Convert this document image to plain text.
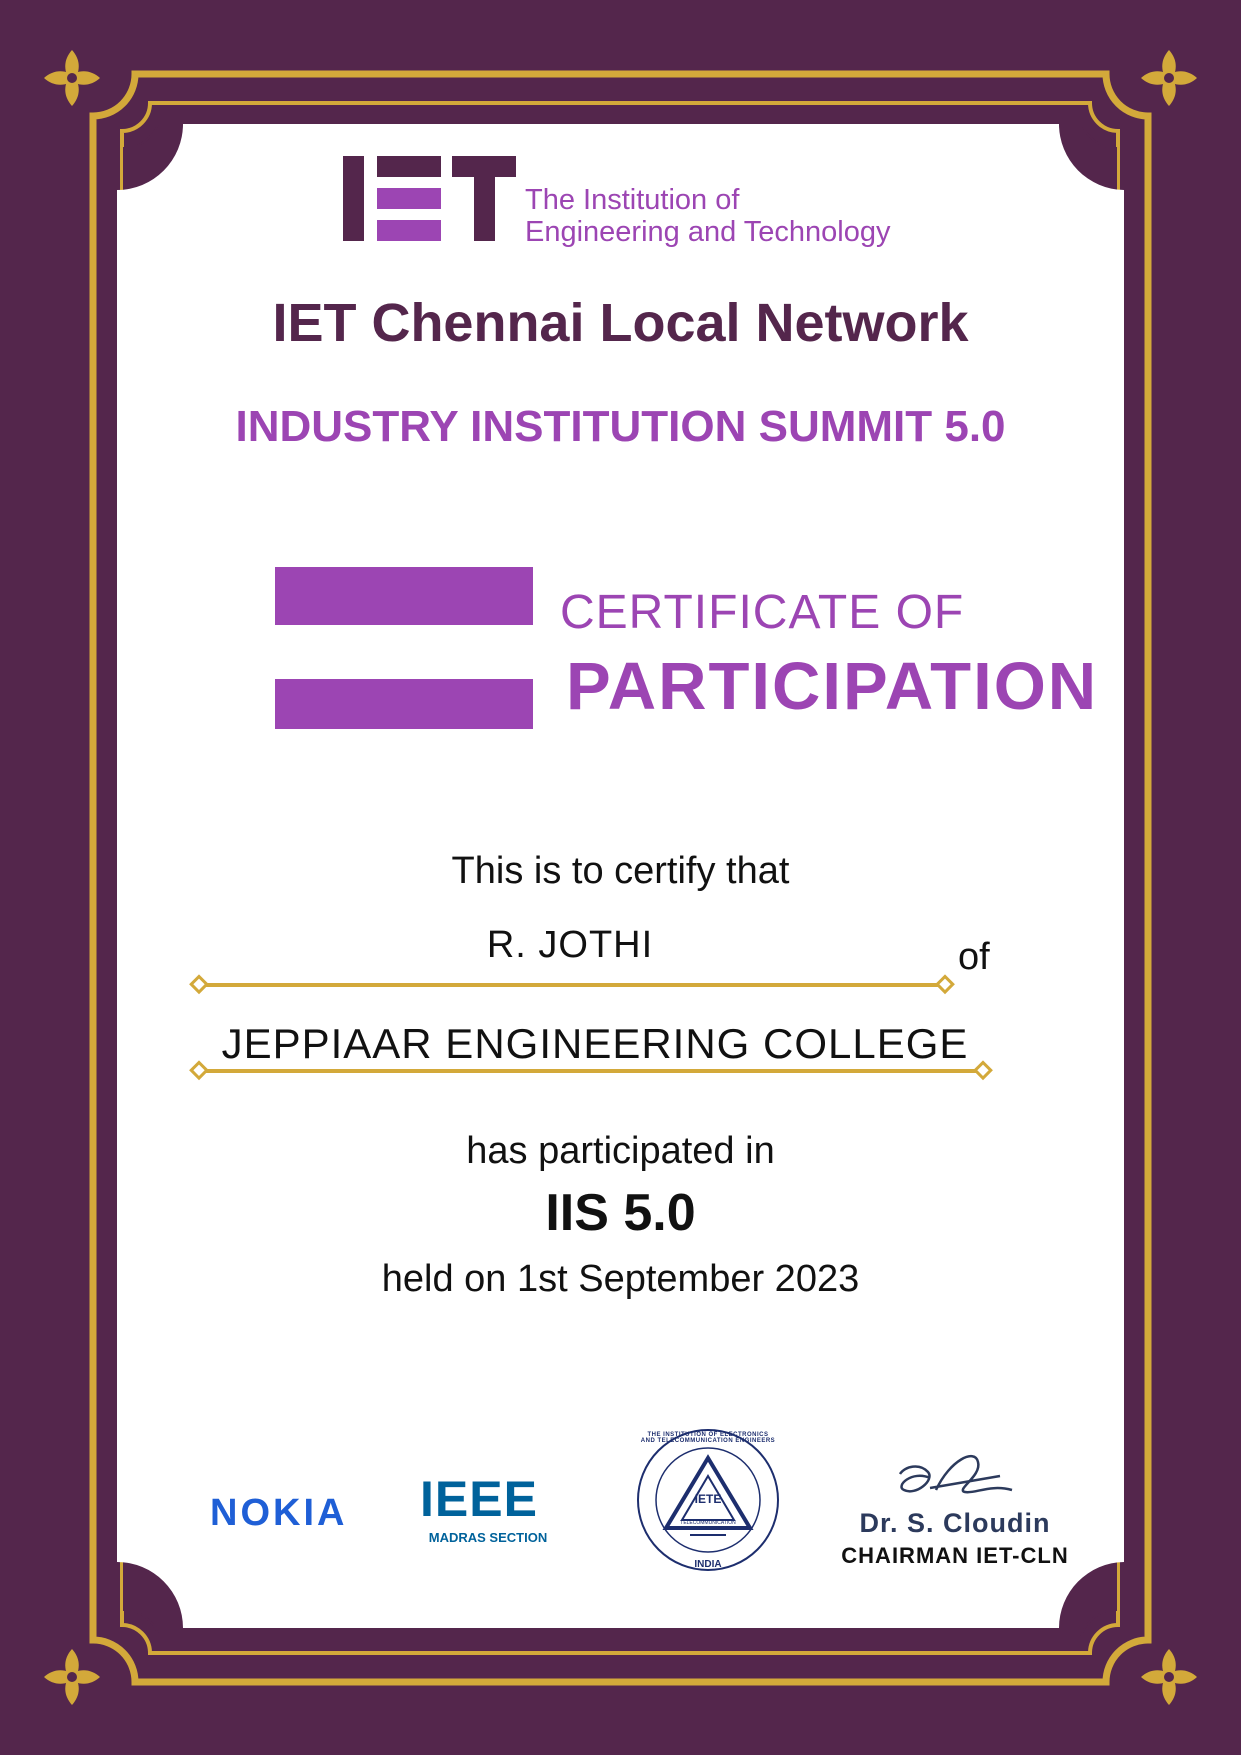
The Institution of
Engineering and Technology
IET Chennai Local Network
INDUSTRY INSTITUTION SUMMIT 5.0
CERTIFICATE OF
PARTICIPATION
This is to certify that
R. JOTHI	of
JEPPIAAR ENGINEERING COLLEGE
has participated in
IIS 5.0
held on 1st September 2023
NOKIA IEEE
MADRAS SECTION
IETE
TELECOMMUNICATION ENGINEERS
THE INSTITUTION OF ELECTRONICS AND TELECOMMUNICATION ENGINEERS
INDIA
Dr. S. Cloudin
CHAIRMAN IET-CLN
